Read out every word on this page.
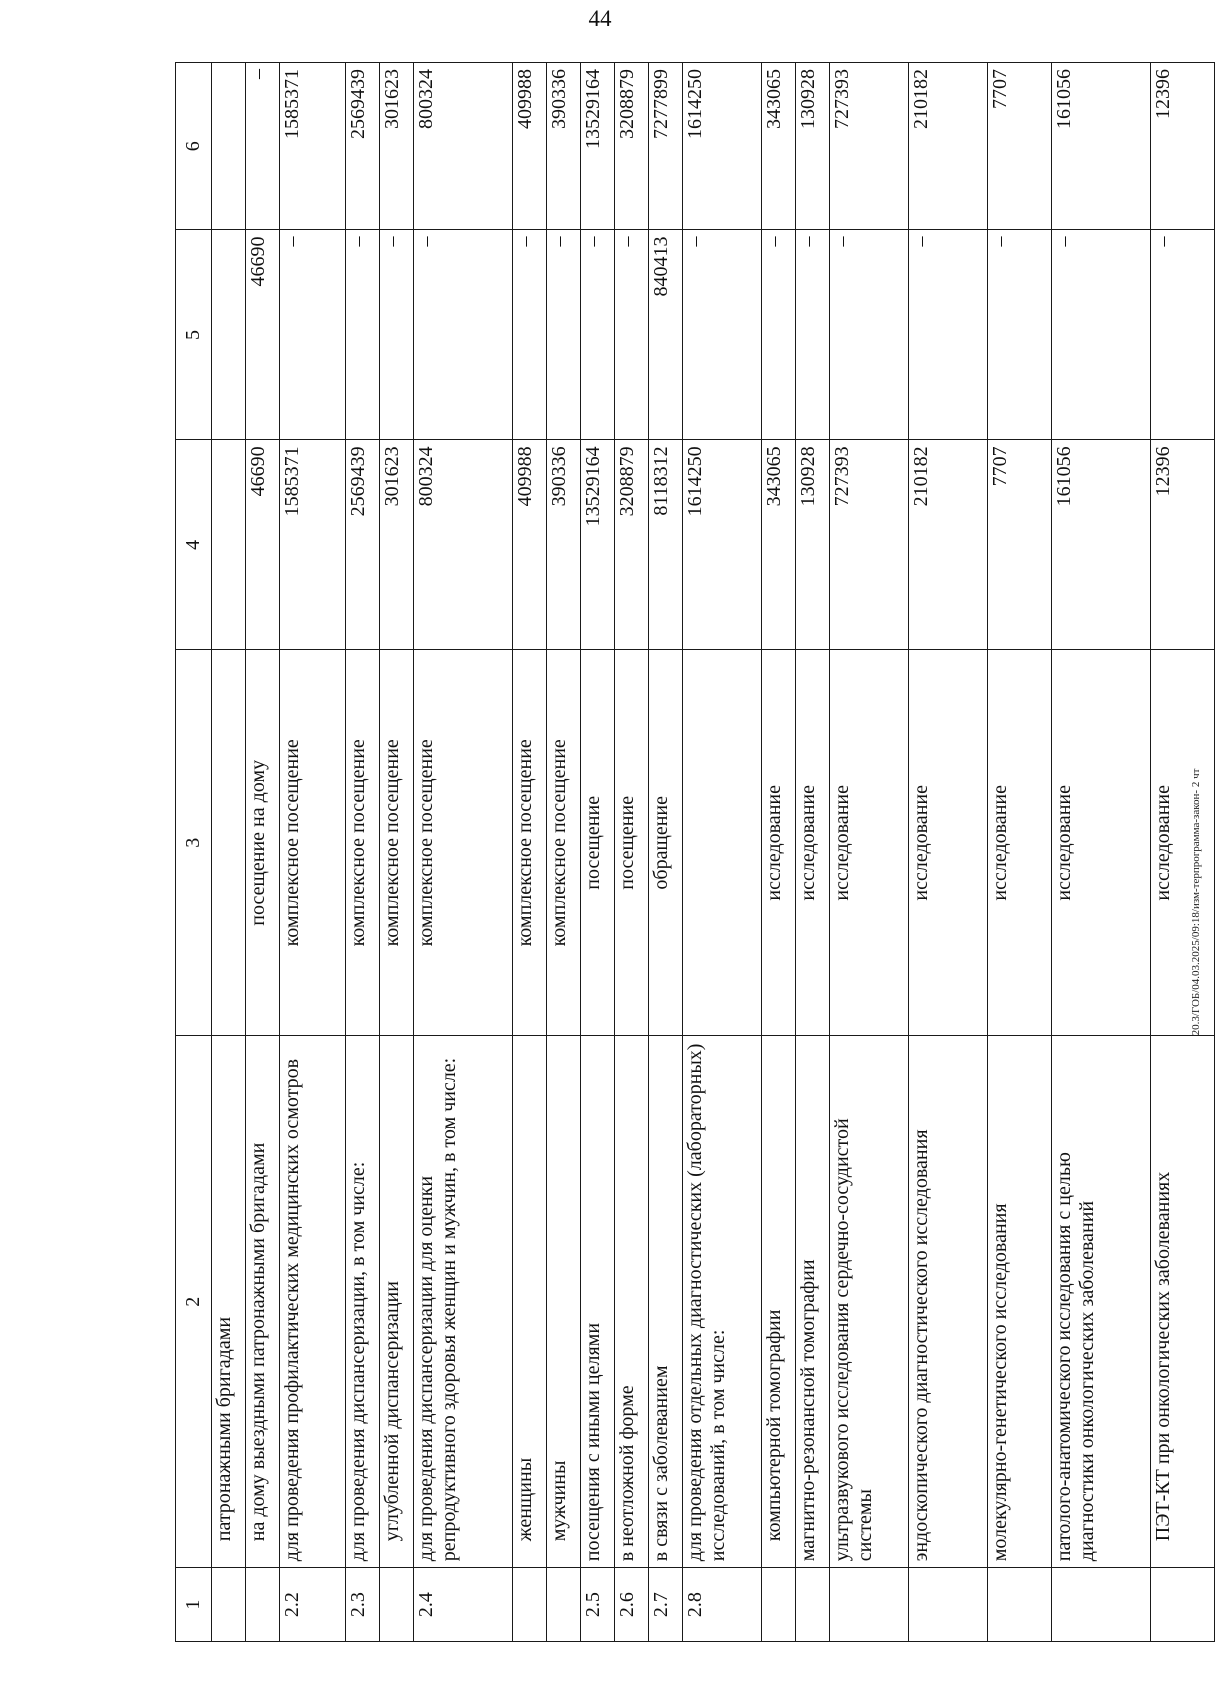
44
20.3/ГОБ/04.03.2025/09:18/изм-терпрограмма-закон- 2 чт
1	2	3	4	5	6
	патронажными бригадами				
	на дому выездными патронажными бригадами	посещение на дому	46690	46690	–
2.2	для проведения профилактических медицинских осмотров	комплексное посещение	1585371	–	1585371
2.3	для проведения диспансеризации, в том числе:	комплексное посещение	2569439	–	2569439
	углубленной диспансеризации	комплексное посещение	301623	–	301623
2.4	для проведения диспансеризации для оценки репродуктивного здоровья женщин и мужчин, в том числе:	комплексное посещение	800324	–	800324
	женщины	комплексное посещение	409988	–	409988
	мужчины	комплексное посещение	390336	–	390336
2.5	посещения с иными целями	посещение	13529164	–	13529164
2.6	в неотложной форме	посещение	3208879	–	3208879
2.7	в связи с заболеванием	обращение	8118312	840413	7277899
2.8	для проведения отдельных диагностических (лабораторных) исследований, в том числе:		1614250	–	1614250
	компьютерной томографии	исследование	343065	–	343065
	магнитно-резонансной томографии	исследование	130928	–	130928
	ультразвукового исследования сердечно-сосудистой системы	исследование	727393	–	727393
	эндоскопического диагностического исследования	исследование	210182	–	210182
	молекулярно-генетического исследования	исследование	7707	–	7707
	патолого-анатомического исследования с целью диагностики онкологических заболеваний	исследование	161056	–	161056
	ПЭТ-КТ при онкологических заболеваниях	исследование	12396	–	12396
